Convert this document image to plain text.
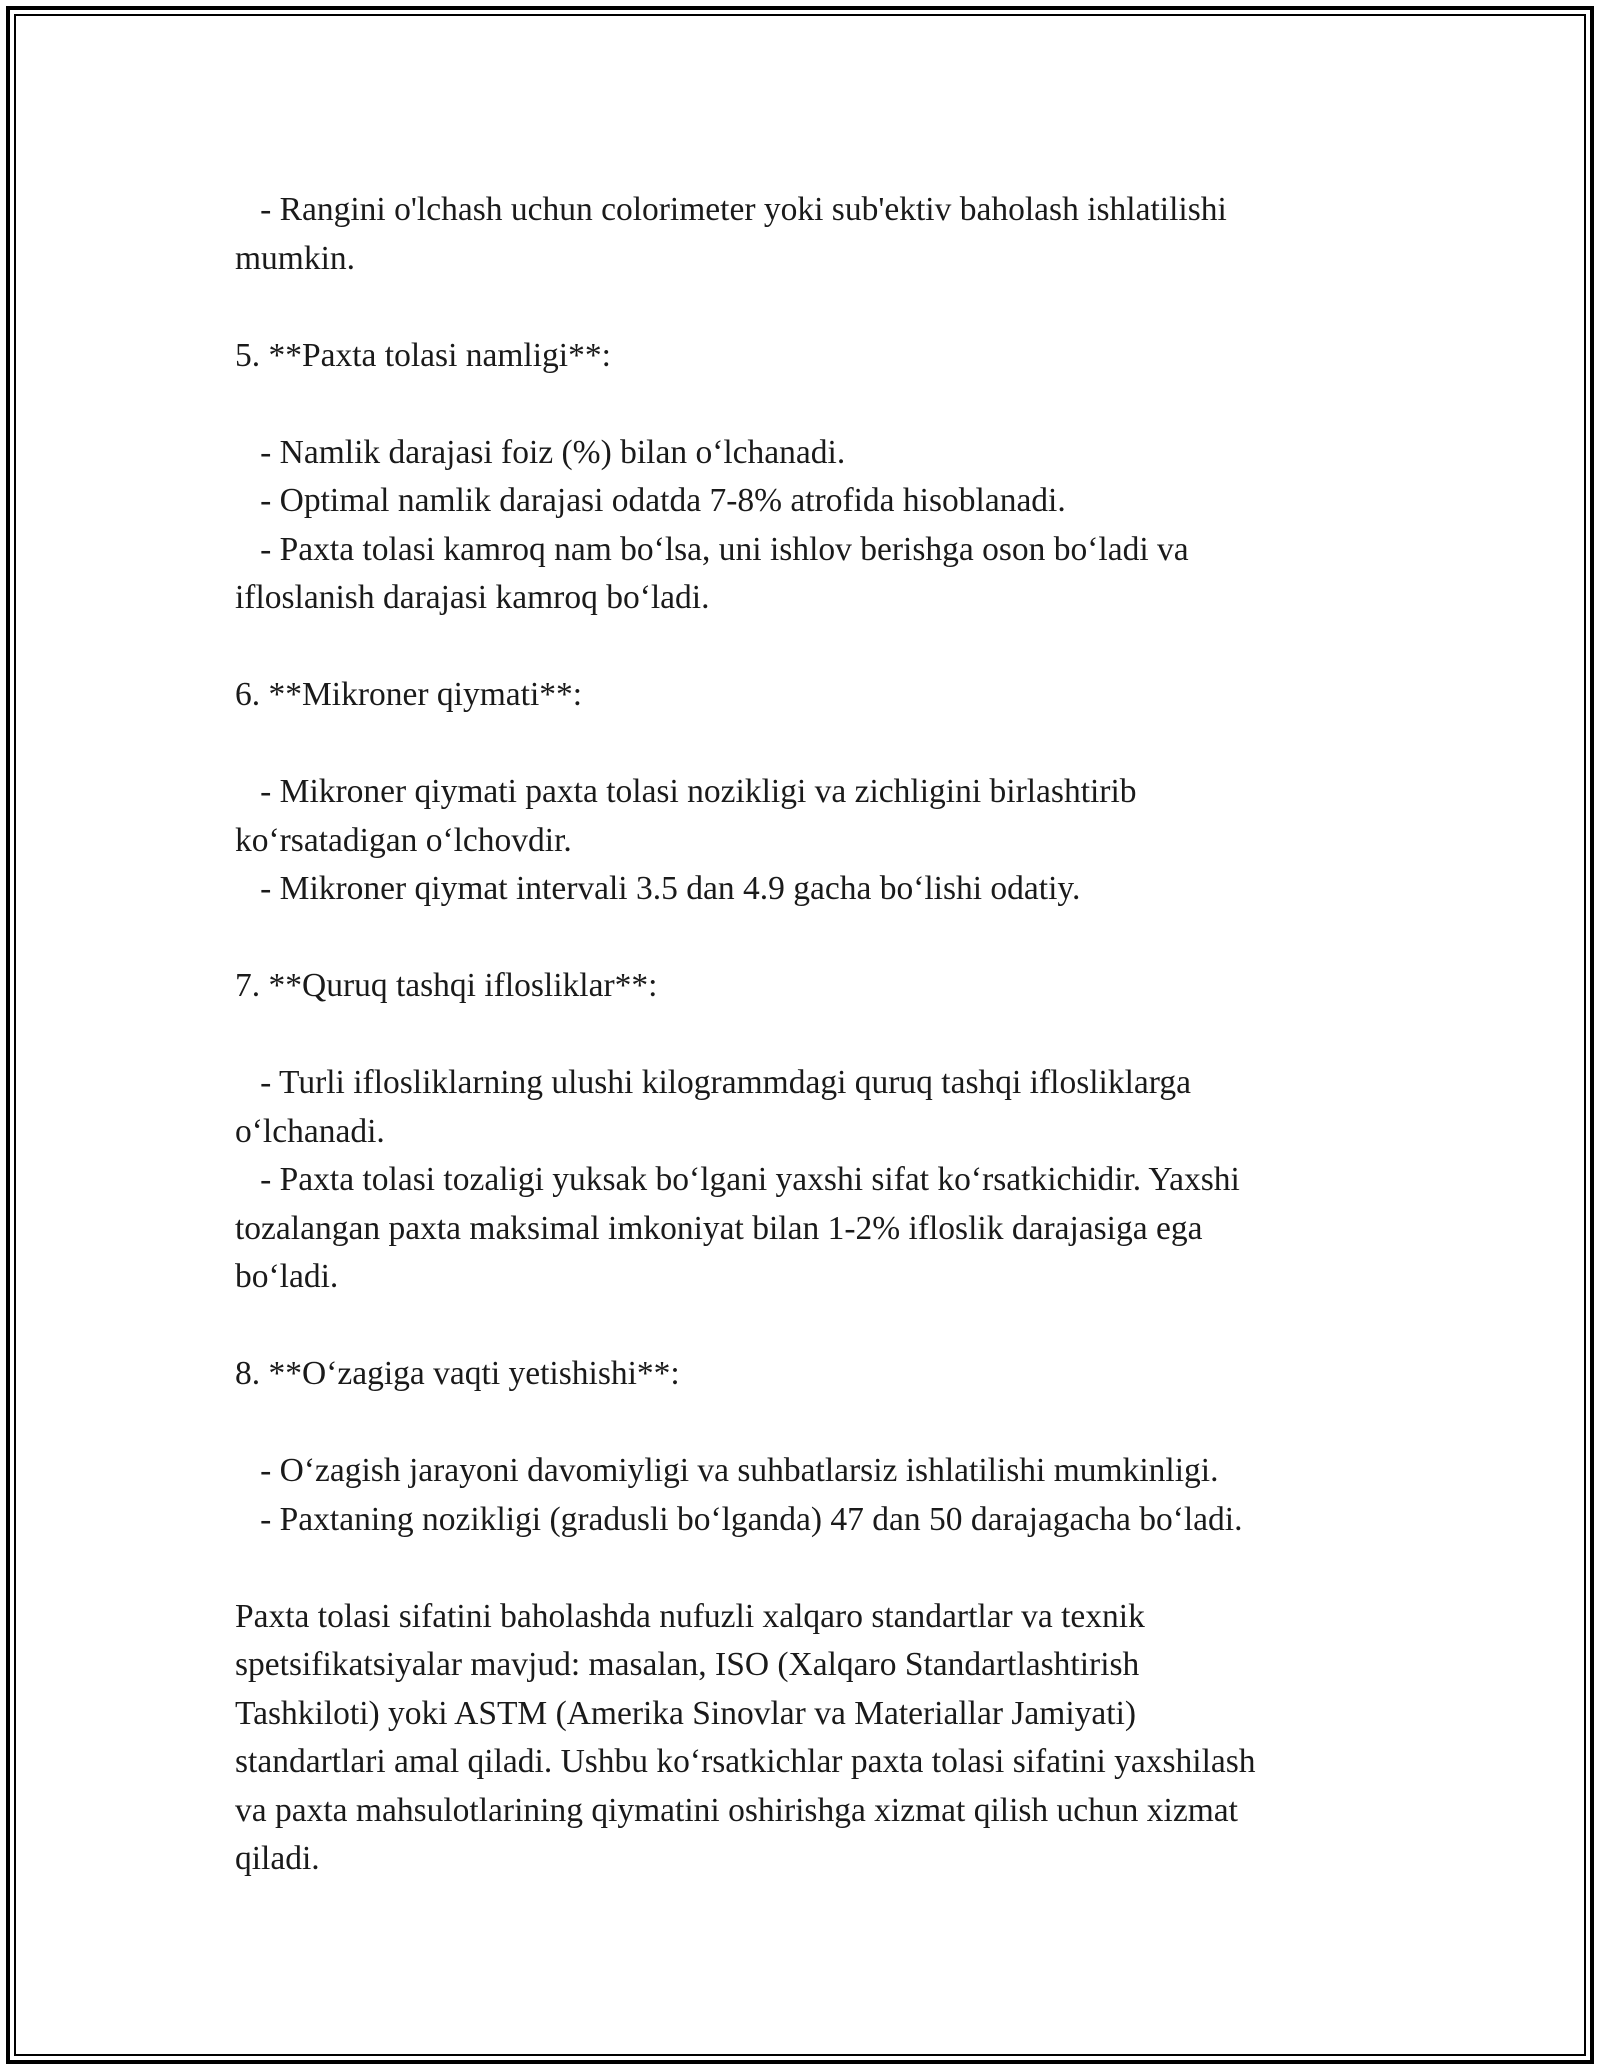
- Rangini o'lchash uchun colorimeter yoki sub'ektiv baholash ishlatilishi
mumkin.
5. **Paxta tolasi namligi**:
- Namlik darajasi foiz (%) bilan o‘lchanadi.
- Optimal namlik darajasi odatda 7-8% atrofida hisoblanadi.
- Paxta tolasi kamroq nam bo‘lsa, uni ishlov berishga oson bo‘ladi va
ifloslanish darajasi kamroq bo‘ladi.
6. **Mikroner qiymati**:
- Mikroner qiymati paxta tolasi nozikligi va zichligini birlashtirib
ko‘rsatadigan o‘lchovdir.
- Mikroner qiymat intervali 3.5 dan 4.9 gacha bo‘lishi odatiy.
7. **Quruq tashqi iflosliklar**:
- Turli iflosliklarning ulushi kilogrammdagi quruq tashqi iflosliklarga
o‘lchanadi.
- Paxta tolasi tozaligi yuksak bo‘lgani yaxshi sifat ko‘rsatkichidir. Yaxshi
tozalangan paxta maksimal imkoniyat bilan 1-2% ifloslik darajasiga ega
bo‘ladi.
8. **O‘zagiga vaqti yetishishi**:
- O‘zagish jarayoni davomiyligi va suhbatlarsiz ishlatilishi mumkinligi.
- Paxtaning nozikligi (gradusli bo‘lganda) 47 dan 50 darajagacha bo‘ladi.
Paxta tolasi sifatini baholashda nufuzli xalqaro standartlar va texnik
spetsifikatsiyalar mavjud: masalan, ISO (Xalqaro Standartlashtirish
Tashkiloti) yoki ASTM (Amerika Sinovlar va Materiallar Jamiyati)
standartlari amal qiladi. Ushbu ko‘rsatkichlar paxta tolasi sifatini yaxshilash
va paxta mahsulotlarining qiymatini oshirishga xizmat qilish uchun xizmat
qiladi.
